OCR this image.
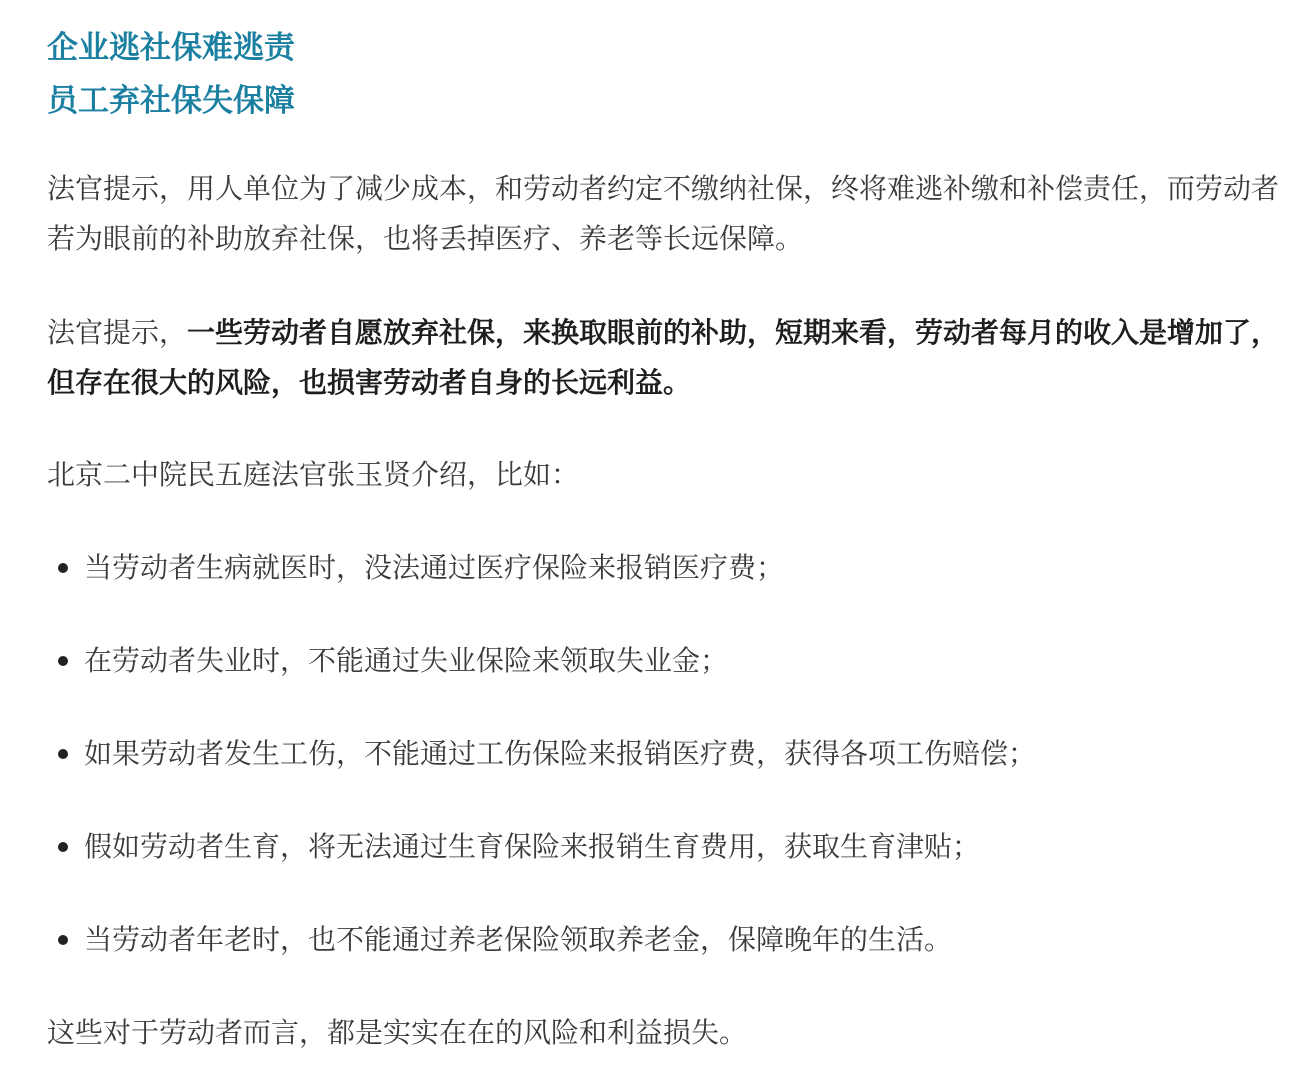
企业逃社保难逃责
员工弃社保失保障

法官提示，用人单位为了减少成本，和劳动者约定不缴纳社保，终将难逃补缴和补偿责任，而劳动者若为眼前的补助放弃社保，也将丢掉医疗、养老等长远保障。

法官提示，一些劳动者自愿放弃社保，来换取眼前的补助，短期来看，劳动者每月的收入是增加了，但存在很大的风险，也损害劳动者自身的长远利益。

北京二中院民五庭法官张玉贤介绍，比如：

当劳动者生病就医时，没法通过医疗保险来报销医疗费；
在劳动者失业时，不能通过失业保险来领取失业金；
如果劳动者发生工伤，不能通过工伤保险来报销医疗费，获得各项工伤赔偿；
假如劳动者生育，将无法通过生育保险来报销生育费用，获取生育津贴；
当劳动者年老时，也不能通过养老保险领取养老金，保障晚年的生活。

这些对于劳动者而言，都是实实在在的风险和利益损失。
